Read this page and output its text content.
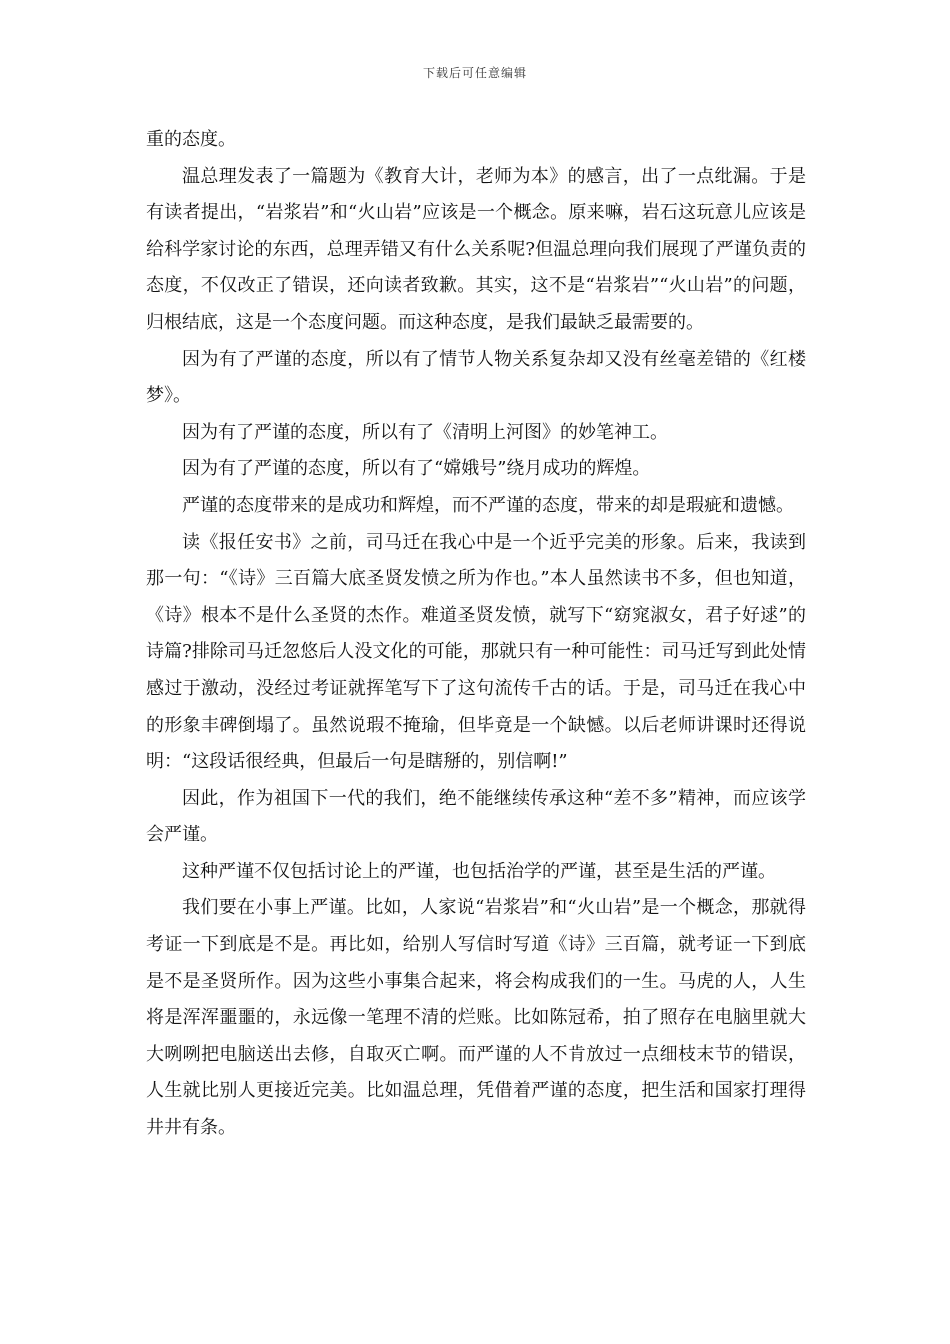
下载后可任意编辑

重的态度。

温总理发表了一篇题为《教育大计，老师为本》的感言，出了一点纰漏。于是有读者提出，“岩浆岩”和“火山岩”应该是一个概念。原来嘛，岩石这玩意儿应该是给科学家讨论的东西，总理弄错又有什么关系呢?但温总理向我们展现了严谨负责的态度，不仅改正了错误，还向读者致歉。其实，这不是“岩浆岩”“火山岩”的问题，归根结底，这是一个态度问题。而这种态度，是我们最缺乏最需要的。

因为有了严谨的态度，所以有了情节人物关系复杂却又没有丝毫差错的《红楼梦》。

因为有了严谨的态度，所以有了《清明上河图》的妙笔神工。

因为有了严谨的态度，所以有了“嫦娥号”绕月成功的辉煌。

严谨的态度带来的是成功和辉煌，而不严谨的态度，带来的却是瑕疵和遗憾。

读《报任安书》之前，司马迁在我心中是一个近乎完美的形象。后来，我读到那一句：“《诗》三百篇大底圣贤发愤之所为作也。”本人虽然读书不多，但也知道，《诗》根本不是什么圣贤的杰作。难道圣贤发愤，就写下“窈窕淑女，君子好逑”的诗篇?排除司马迁忽悠后人没文化的可能，那就只有一种可能性：司马迁写到此处情感过于激动，没经过考证就挥笔写下了这句流传千古的话。于是，司马迁在我心中的形象丰碑倒塌了。虽然说瑕不掩瑜，但毕竟是一个缺憾。以后老师讲课时还得说明：“这段话很经典，但最后一句是瞎掰的，别信啊!”

因此，作为祖国下一代的我们，绝不能继续传承这种“差不多”精神，而应该学会严谨。

这种严谨不仅包括讨论上的严谨，也包括治学的严谨，甚至是生活的严谨。

我们要在小事上严谨。比如，人家说“岩浆岩”和“火山岩”是一个概念，那就得考证一下到底是不是。再比如，给别人写信时写道《诗》三百篇，就考证一下到底是不是圣贤所作。因为这些小事集合起来，将会构成我们的一生。马虎的人，人生将是浑浑噩噩的，永远像一笔理不清的烂账。比如陈冠希，拍了照存在电脑里就大大咧咧把电脑送出去修，自取灭亡啊。而严谨的人不肯放过一点细枝末节的错误，人生就比别人更接近完美。比如温总理，凭借着严谨的态度，把生活和国家打理得井井有条。
